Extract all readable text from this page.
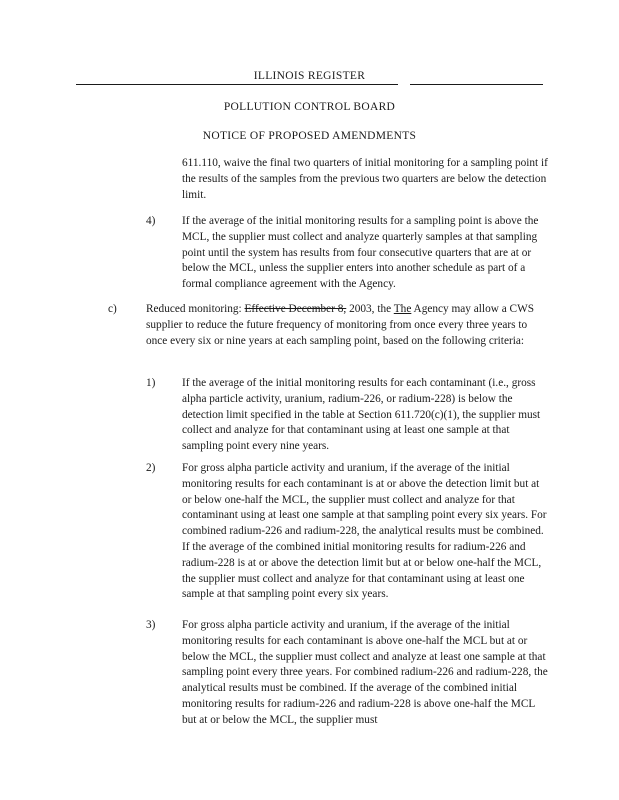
ILLINOIS REGISTER
POLLUTION CONTROL BOARD
NOTICE OF PROPOSED AMENDMENTS
611.110, waive the final two quarters of initial monitoring for a sampling point if the results of the samples from the previous two quarters are below the detection limit.
4) If the average of the initial monitoring results for a sampling point is above the MCL, the supplier must collect and analyze quarterly samples at that sampling point until the system has results from four consecutive quarters that are at or below the MCL, unless the supplier enters into another schedule as part of a formal compliance agreement with the Agency.
c)	Reduced monitoring: Effective December 8, 2003, the The Agency may allow a CWS supplier to reduce the future frequency of monitoring from once every three years to once every six or nine years at each sampling point, based on the following criteria:
1) If the average of the initial monitoring results for each contaminant (i.e., gross alpha particle activity, uranium, radium-226, or radium-228) is below the detection limit specified in the table at Section 611.720(c)(1), the supplier must collect and analyze for that contaminant using at least one sample at that sampling point every nine years.
2) For gross alpha particle activity and uranium, if the average of the initial monitoring results for each contaminant is at or above the detection limit but at or below one-half the MCL, the supplier must collect and analyze for that contaminant using at least one sample at that sampling point every six years. For combined radium-226 and radium-228, the analytical results must be combined. If the average of the combined initial monitoring results for radium-226 and radium-228 is at or above the detection limit but at or below one-half the MCL, the supplier must collect and analyze for that contaminant using at least one sample at that sampling point every six years.
3) For gross alpha particle activity and uranium, if the average of the initial monitoring results for each contaminant is above one-half the MCL but at or below the MCL, the supplier must collect and analyze at least one sample at that sampling point every three years. For combined radium-226 and radium-228, the analytical results must be combined. If the average of the combined initial monitoring results for radium-226 and radium-228 is above one-half the MCL but at or below the MCL, the supplier must
